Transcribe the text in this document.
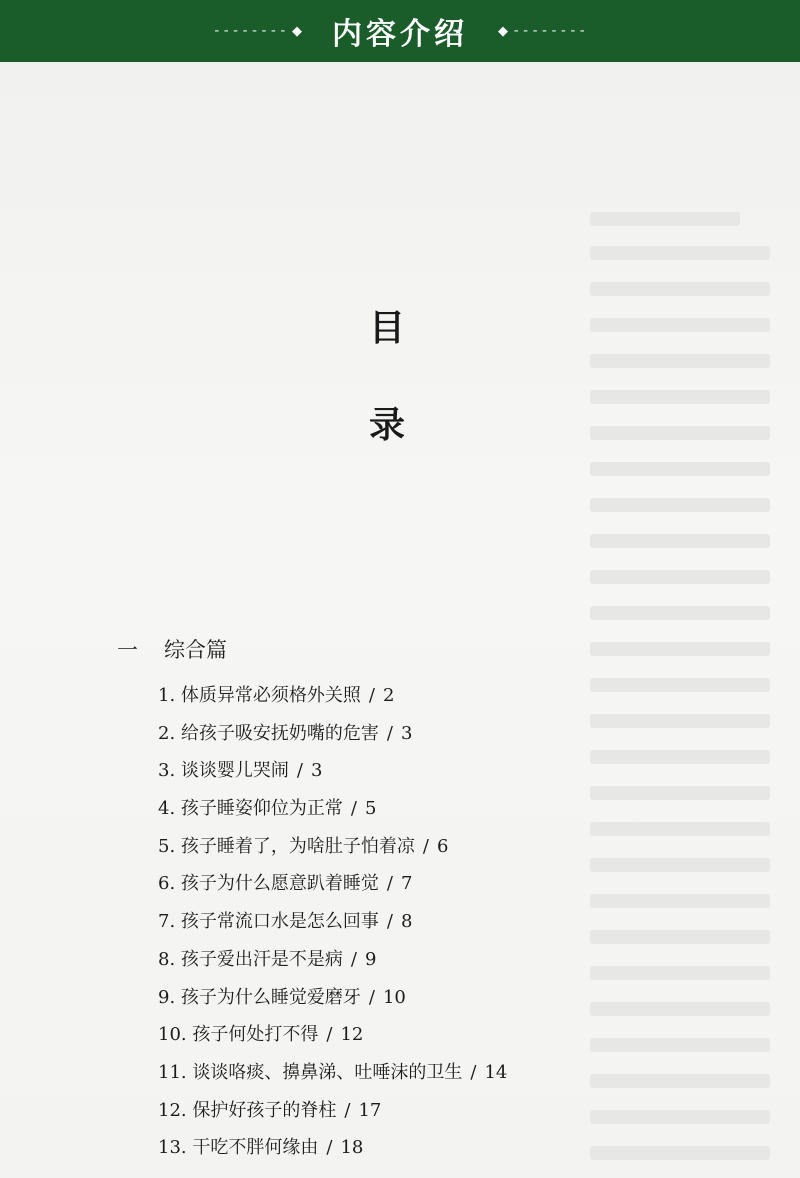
-------- ◆ 内容介绍 ◆ --------
目
录
一 综合篇
1. 体质异常必须格外关照 / 2
2. 给孩子吸安抚奶嘴的危害 / 3
3. 谈谈婴儿哭闹 / 3
4. 孩子睡姿仰位为正常 / 5
5. 孩子睡着了，为啥肚子怕着凉 / 6
6. 孩子为什么愿意趴着睡觉 / 7
7. 孩子常流口水是怎么回事 / 8
8. 孩子爱出汗是不是病 / 9
9. 孩子为什么睡觉爱磨牙 / 10
10. 孩子何处打不得 / 12
11. 谈谈咯痰、擤鼻涕、吐唾沫的卫生 / 14
12. 保护好孩子的脊柱 / 17
13. 干吃不胖何缘由 / 18
